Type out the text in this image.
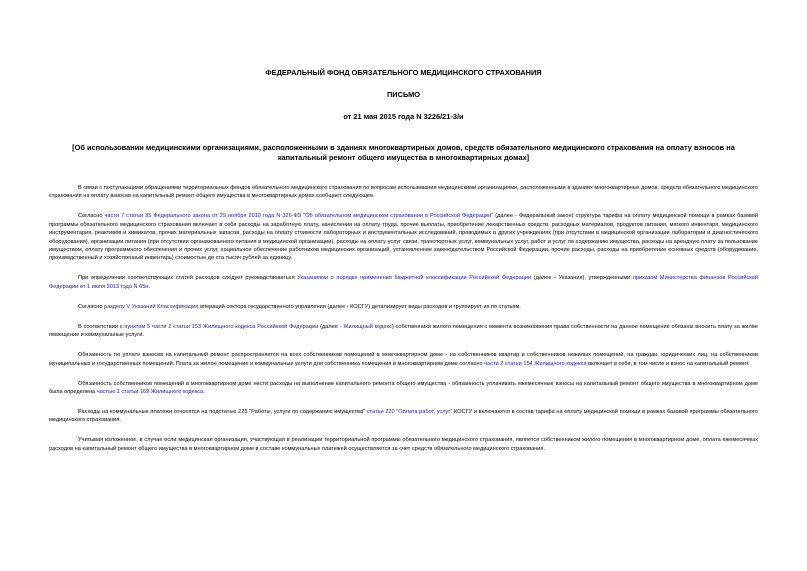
ФЕДЕРАЛЬНЫЙ ФОНД ОБЯЗАТЕЛЬНОГО МЕДИЦИНСКОГО СТРАХОВАНИЯ
ПИСЬМО
от 21 мая 2015 года N 3226/21-3/и
[Об использовании медицинскими организациями, расположенными в зданиях многоквартирных домов, средств обязательного медицинского страхования на оплату взносов на капитальный ремонт общего имущества в многоквартирных домах]

В связи с поступающими обращениями территориальных фондов обязательного медицинского страхования по вопросам использования медицинскими организациями, расположенными в зданиях многоквартирных домов, средств обязательного медицинского страхования на оплату взносов на капитальный ремонт общего имущества в многоквартирных домах сообщает следующее.

Согласно части 7 статьи 35 Федерального закона от 29 ноября 2010 года N 326-ФЗ "Об обязательном медицинском страховании в Российской Федерации" (далее - Федеральный закон) структура тарифа на оплату медицинской помощи в рамках базовой программы обязательного медицинского страхования включает в себя расходы на заработную плату, начисления на оплату труда, прочие выплаты, приобретение лекарственных средств, расходных материалов, продуктов питания, мягкого инвентаря, медицинского инструментария, реактивов и химикатов, прочих материальных запасов, расходы на оплату стоимости лабораторных и инструментальных исследований, проводимых в других учреждениях (при отсутствии в медицинской организации лаборатории и диагностического оборудования), организации питания (при отсутствии организованного питания в медицинской организации), расходы на оплату услуг связи, транспортных услуг, коммунальных услуг, работ и услуг по содержанию имущества, расходы на арендную плату за пользование имуществом, оплату программного обеспечения и прочих услуг, социальное обеспечение работников медицинских организаций, установленное законодательством Российской Федерации, прочие расходы, расходы на приобретение основных средств (оборудование, производственный и хозяйственный инвентарь) стоимостью до ста тысяч рублей за единицу.

При определении соответствующих статей расходов следует руководствоваться Указаниями о порядке применения бюджетной классификации Российской Федерации (далее - Указания), утвержденными приказом Министерства финансов Российской Федерации от 1 июля 2013 года N 65н.

Согласно разделу V Указаний Классификация операций сектора государственного управления (далее - КОСГУ) детализирует виды расходов и группирует их по статьям.

В соответствии с пунктом 5 части 2 статьи 153 Жилищного кодекса Российской Федерации (далее - Жилищный кодекс) собственники жилого помещения с момента возникновения права собственности на данное помещение обязаны вносить плату за жилое помещение и коммунальные услуги.

Обязанность по уплате взносов на капитальный ремонт распространяется на всех собственников помещений в многоквартирном доме - на собственников квартир и собственников нежилых помещений, на граждан, юридических лиц, на собственников муниципальных и государственных помещений. Плата за жилое помещение и коммунальные услуги для собственника помещения в многоквартирном доме согласно части 2 статьи 154 Жилищного кодекса включает в себя, в том числе и взнос на капитальный ремонт.

Обязанность собственников помещений в многоквартирном доме нести расходы на выполнение капитального ремонта общего имущества - обязанность уплачивать ежемесячные взносы на капитальный ремонт общего имущества в многоквартирном доме была определена частью 1 статьи 169 Жилищного кодекса.

Расходы на коммунальные платежи относятся на подстатью 225 "Работы, услуги по содержанию имущества" статьи 220 "Оплата работ, услуг" КОСГУ и включаются в состав тарифа на оплату медицинской помощи в рамках базовой программы обязательного медицинского страхования.

Учитывая изложенное, в случае если медицинская организация, участвующая в реализации территориальной программы обязательного медицинского страхования, является собственником жилого помещения в многоквартирном доме, оплата ежемесячных расходов на капитальный ремонт общего имущества в многоквартирном доме в составе коммунальных платежей осуществляется за счет средств обязательного медицинского страхования.
